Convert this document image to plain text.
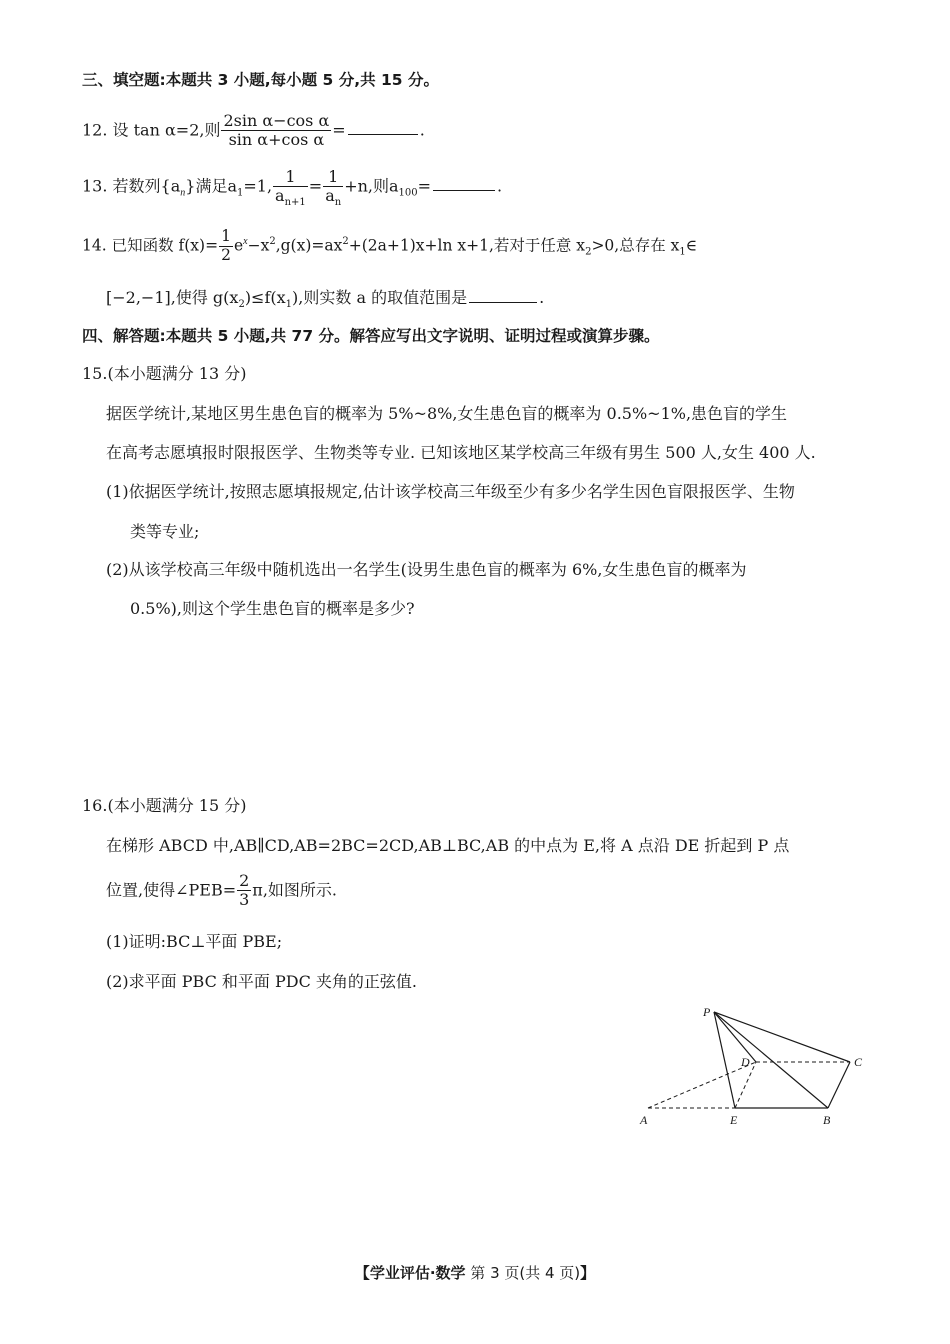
三、填空题:本题共 3 小题,每小题 5 分,共 15 分。
12. 设 tan α=2,则 $\frac{\text{2sin α−cos α}}{\text{sin α+cos α}}$ =	.
13. 若数列$\{a_n\}$满足$a_1=1$, $\frac{1}{a_{n+1}} = \frac{1}{a_n} +n$,则$a_{100}=$	.
14. 已知函数 $f(x)= \frac{1}{2} e^x-x^2,g(x)=ax^2+(2a+1)x+\ln$ x+1,若对于任意 $x_2>0$,总存在 $x_1\in$
[−2,−1],使得 $g(x_2)\le f(x_1)$,则实数 a 的取值范围是	.
四、解答题:本题共 5 小题,共 77 分。解答应写出文字说明、证明过程或演算步骤。
15.(本小题满分 13 分)
据医学统计,某地区男生患色盲的概率为 5%~8%,女生患色盲的概率为 0.5%~1%,患色盲的学生
在高考志愿填报时限报医学、生物类等专业. 已知该地区某学校高三年级有男生 500 人,女生 400 人.
(1)依据医学统计,按照志愿填报规定,估计该学校高三年级至少有多少名学生因色盲限报医学、生物
类等专业;
(2)从该学校高三年级中随机选出一名学生(设男生患色盲的概率为 6%,女生患色盲的概率为
0.5%),则这个学生患色盲的概率是多少?
16.(本小题满分 15 分)
在梯形 ABCD 中,AB∥CD,AB=2BC=2CD,AB⊥BC,AB 的中点为 E,将 A 点沿 DE 折起到 P 点
位置,使得∠PEB= $\frac{2}{3} \pi$,如图所示.
(1)证明:BC⊥平面 PBE;
(2)求平面 PBC 和平面 PDC 夹角的正弦值.
P
D	C
A	E	B
【学业评估·数学 第 3 页(共 4 页)】
